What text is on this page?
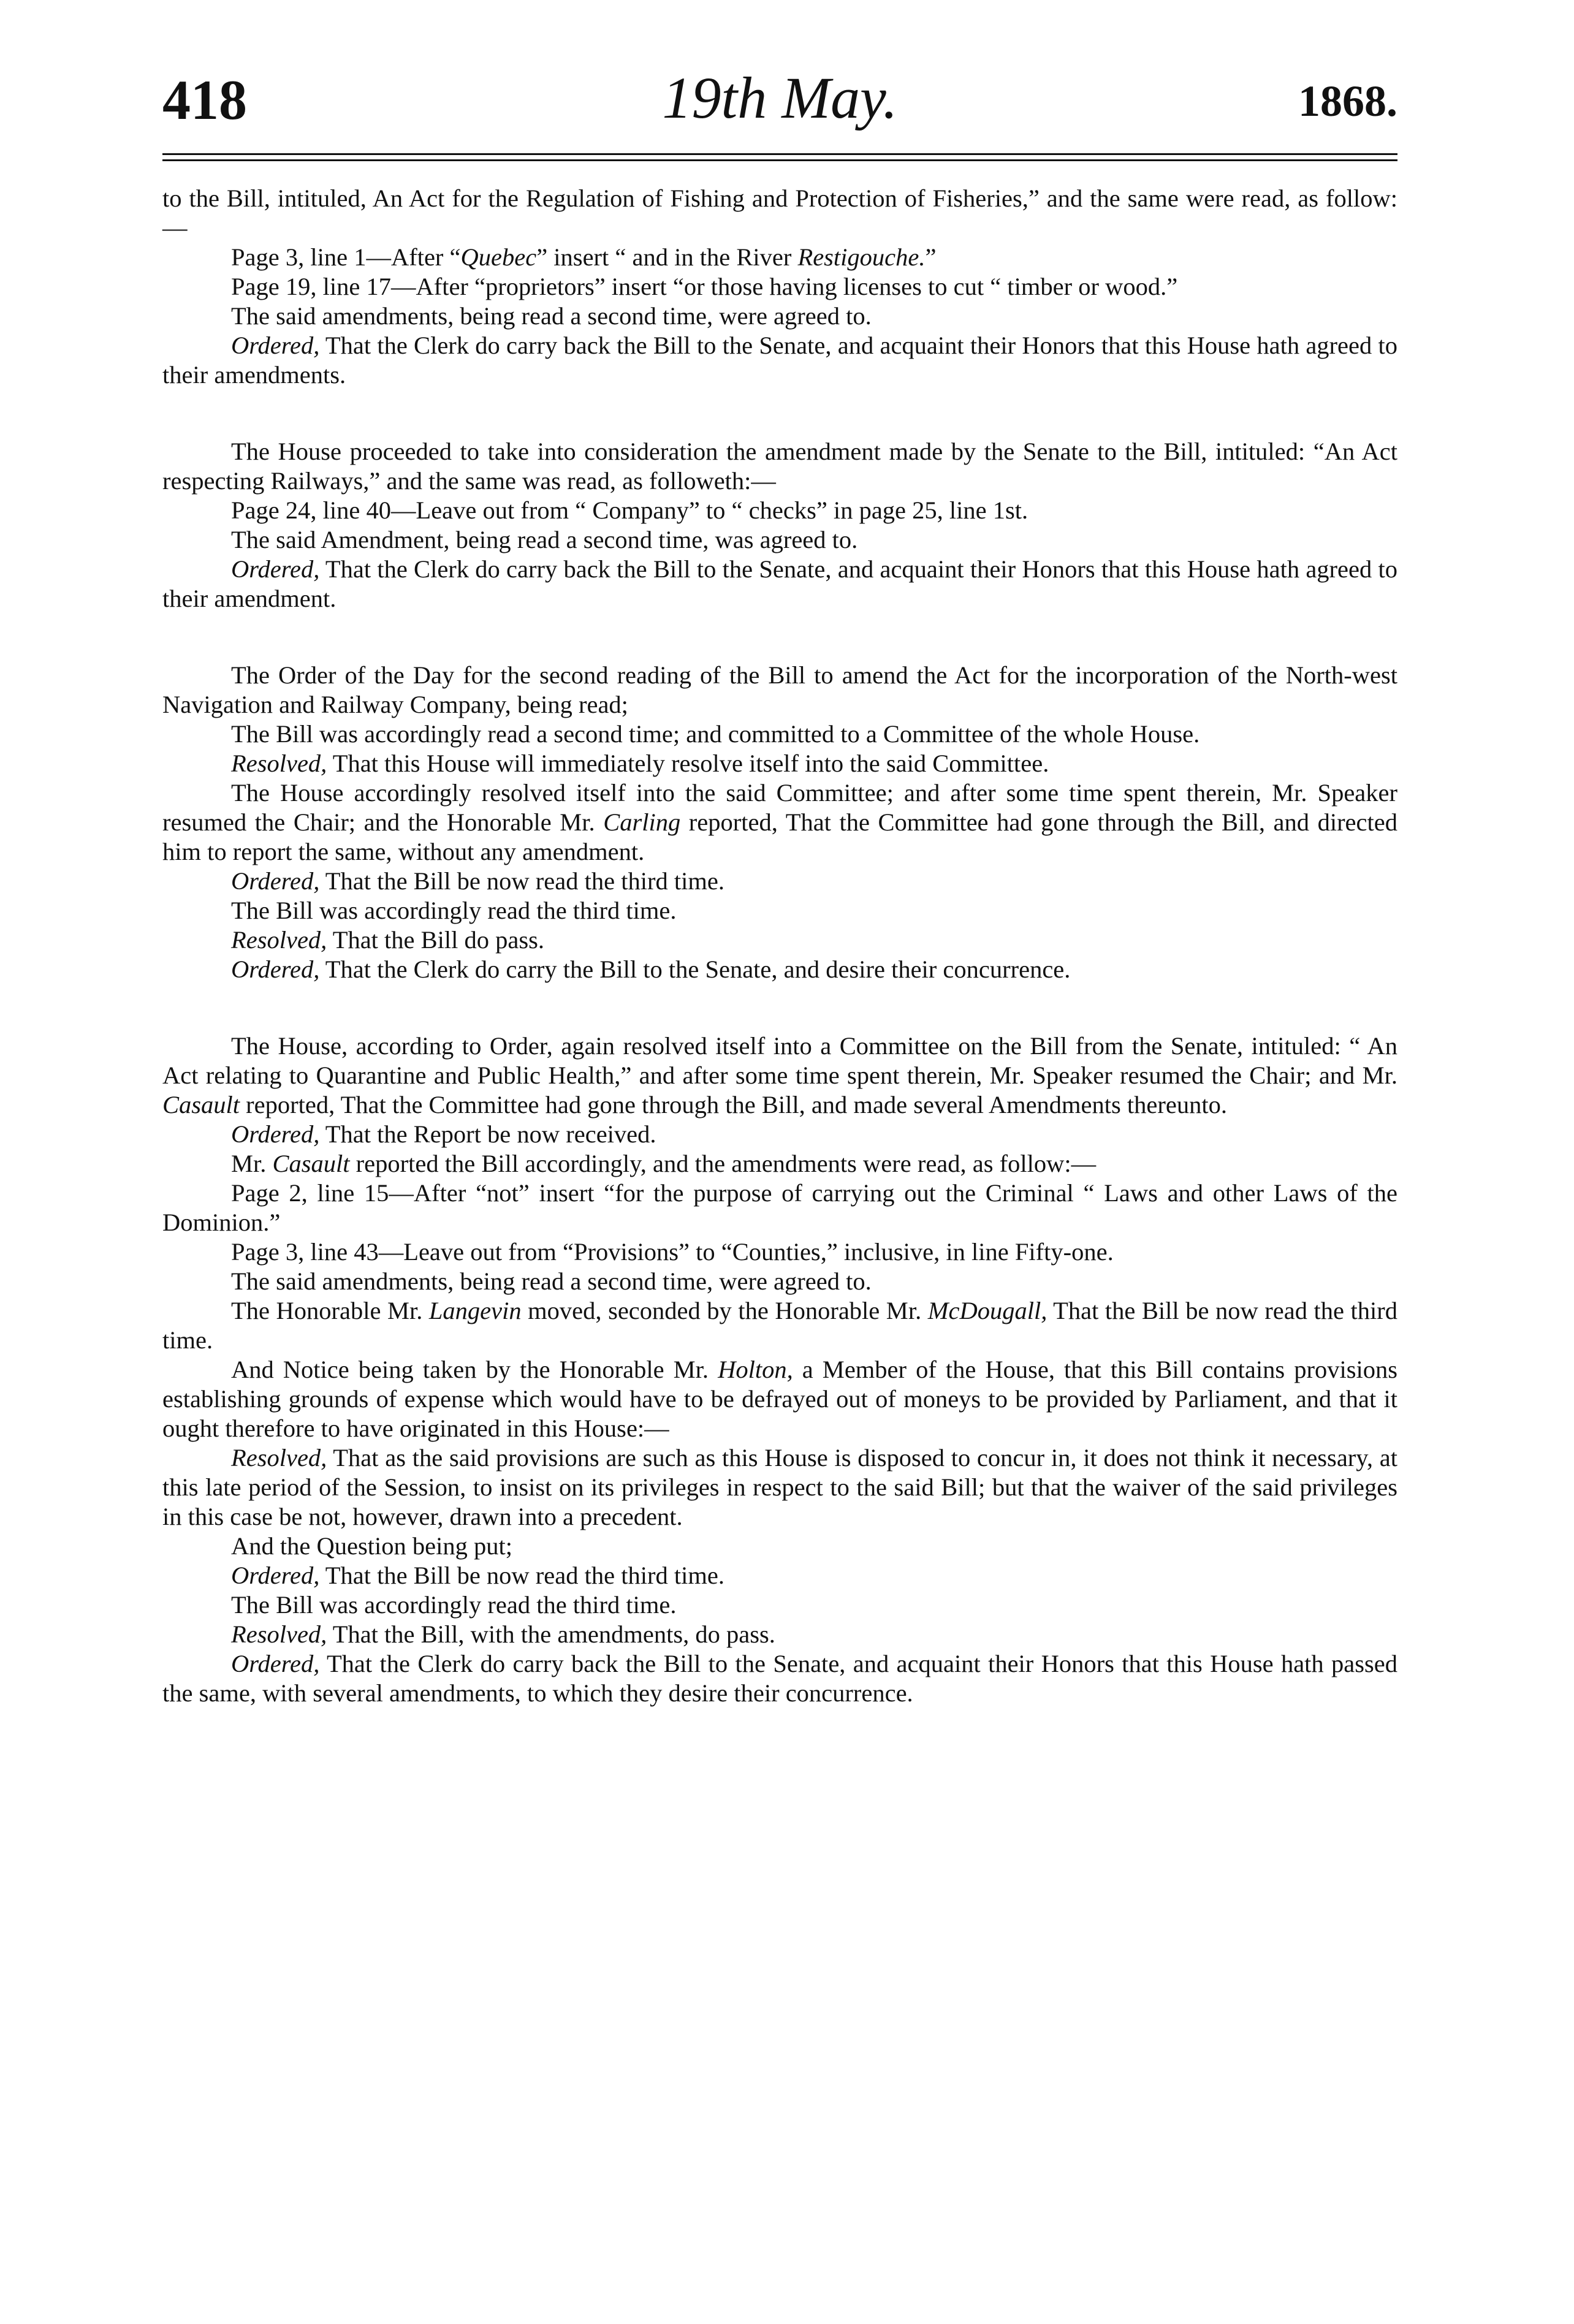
418	19th May.	1868.

to the Bill, intituled, An Act for the Regulation of Fishing and Protection of Fisheries,” and the same were read, as follow:—

Page 3, line 1—After “Quebec” insert “ and in the River Restigouche.”

Page 19, line 17—After “proprietors” insert “or those having licenses to cut “ timber or wood.”

The said amendments, being read a second time, were agreed to.

Ordered, That the Clerk do carry back the Bill to the Senate, and acquaint their Honors that this House hath agreed to their amendments.

The House proceeded to take into consideration the amendment made by the Senate to the Bill, intituled: “An Act respecting Railways,” and the same was read, as followeth:—

Page 24, line 40—Leave out from “ Company” to “ checks” in page 25, line 1st.

The said Amendment, being read a second time, was agreed to.

Ordered, That the Clerk do carry back the Bill to the Senate, and acquaint their Honors that this House hath agreed to their amendment.

The Order of the Day for the second reading of the Bill to amend the Act for the incorporation of the North-west Navigation and Railway Company, being read;

The Bill was accordingly read a second time; and committed to a Committee of the whole House.

Resolved, That this House will immediately resolve itself into the said Committee.

The House accordingly resolved itself into the said Committee; and after some time spent therein, Mr. Speaker resumed the Chair; and the Honorable Mr. Carling reported, That the Committee had gone through the Bill, and directed him to report the same, without any amendment.

Ordered, That the Bill be now read the third time.

The Bill was accordingly read the third time.

Resolved, That the Bill do pass.

Ordered, That the Clerk do carry the Bill to the Senate, and desire their concurrence.

The House, according to Order, again resolved itself into a Committee on the Bill from the Senate, intituled: “ An Act relating to Quarantine and Public Health,” and after some time spent therein, Mr. Speaker resumed the Chair; and Mr. Casault reported, That the Committee had gone through the Bill, and made several Amendments thereunto.

Ordered, That the Report be now received.

Mr. Casault reported the Bill accordingly, and the amendments were read, as follow:—

Page 2, line 15—After “not” insert “for the purpose of carrying out the Criminal “ Laws and other Laws of the Dominion.”

Page 3, line 43—Leave out from “Provisions” to “Counties,” inclusive, in line Fifty-one.

The said amendments, being read a second time, were agreed to.

The Honorable Mr. Langevin moved, seconded by the Honorable Mr. McDougall, That the Bill be now read the third time.

And Notice being taken by the Honorable Mr. Holton, a Member of the House, that this Bill contains provisions establishing grounds of expense which would have to be defrayed out of moneys to be provided by Parliament, and that it ought therefore to have originated in this House:—

Resolved, That as the said provisions are such as this House is disposed to concur in, it does not think it necessary, at this late period of the Session, to insist on its privileges in respect to the said Bill; but that the waiver of the said privileges in this case be not, however, drawn into a precedent.

And the Question being put;

Ordered, That the Bill be now read the third time.

The Bill was accordingly read the third time.

Resolved, That the Bill, with the amendments, do pass.

Ordered, That the Clerk do carry back the Bill to the Senate, and acquaint their Honors that this House hath passed the same, with several amendments, to which they desire their concurrence.
